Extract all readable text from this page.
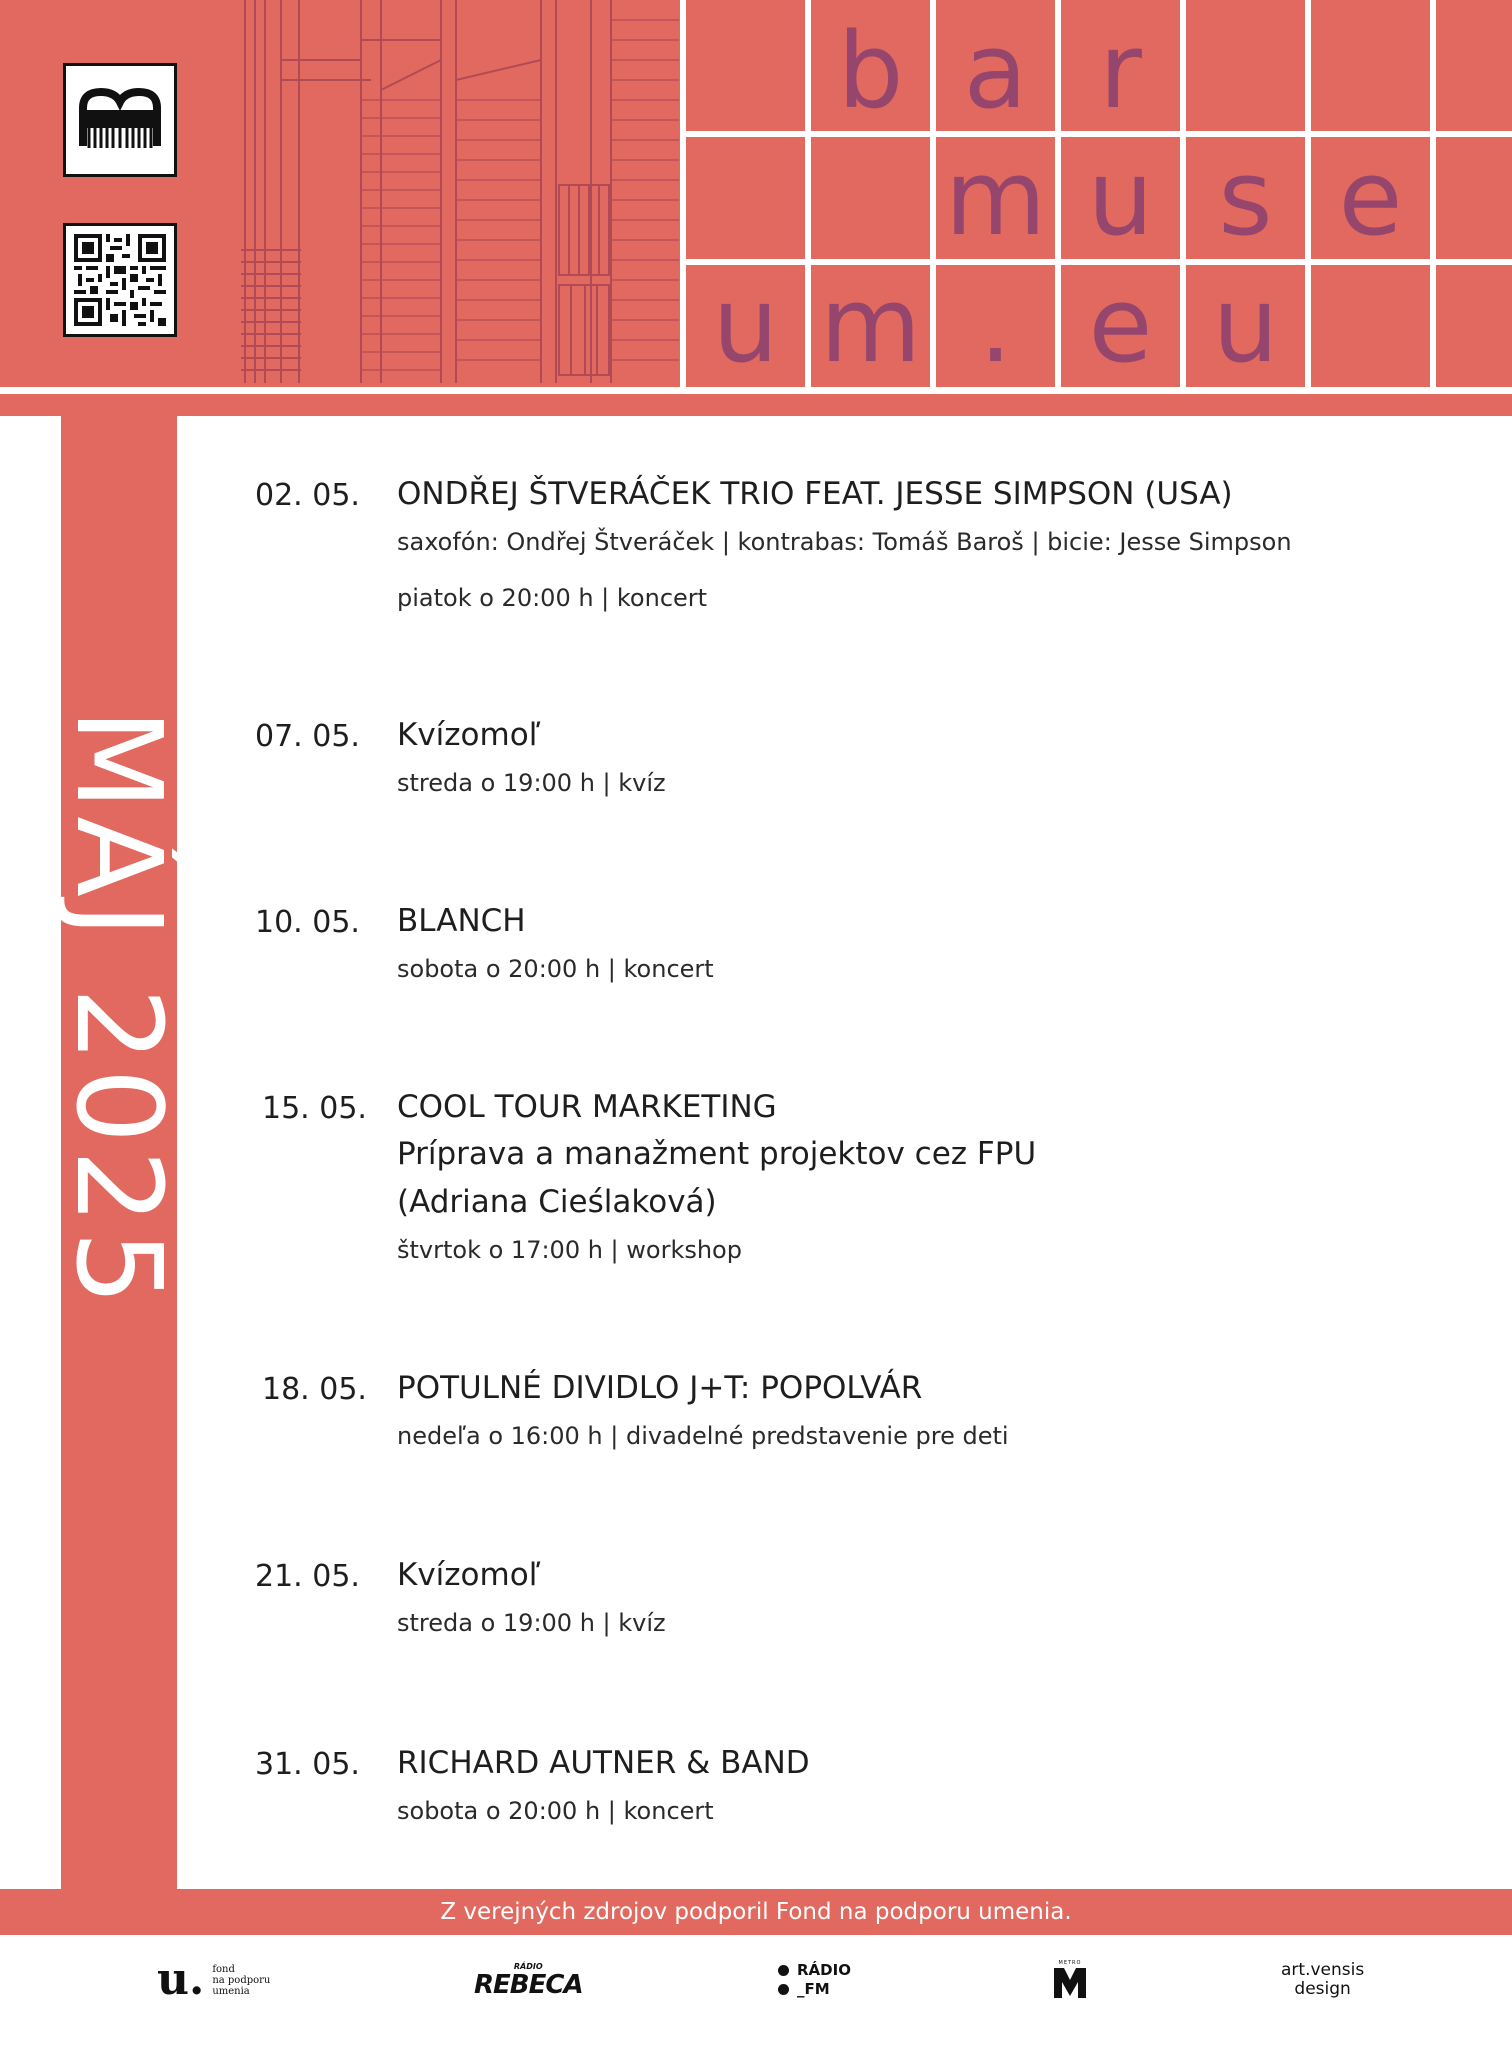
b a r
m u s e
u m . e u
MÁJ 2025
02. 05. ONDŘEJ ŠTVERÁČEK TRIO FEAT. JESSE SIMPSON (USA)
saxofón: Ondřej Štveráček | kontrabas: Tomáš Baroš | bicie: Jesse Simpson
piatok o 20:00 h | koncert
07. 05. Kvízomoľ
streda o 19:00 h | kvíz
10. 05. BLANCH
sobota o 20:00 h | koncert
15. 05. COOL TOUR MARKETING
Príprava a manažment projektov cez FPU
(Adriana Cieślaková)
štvrtok o 17:00 h | workshop
18. 05. POTULNÉ DIVIDLO J+T: POPOLVÁR
nedeľa o 16:00 h | divadelné predstavenie pre deti
21. 05. Kvízomoľ
streda o 19:00 h | kvíz
31. 05. RICHARD AUTNER & BAND
sobota o 20:00 h | koncert
Z verejných zdrojov podporil Fond na podporu umenia.
u. fond
na podporu
umenia
RÁDIO
REBECA	RÁDIO
_FM
METRO	art.vensis
design
